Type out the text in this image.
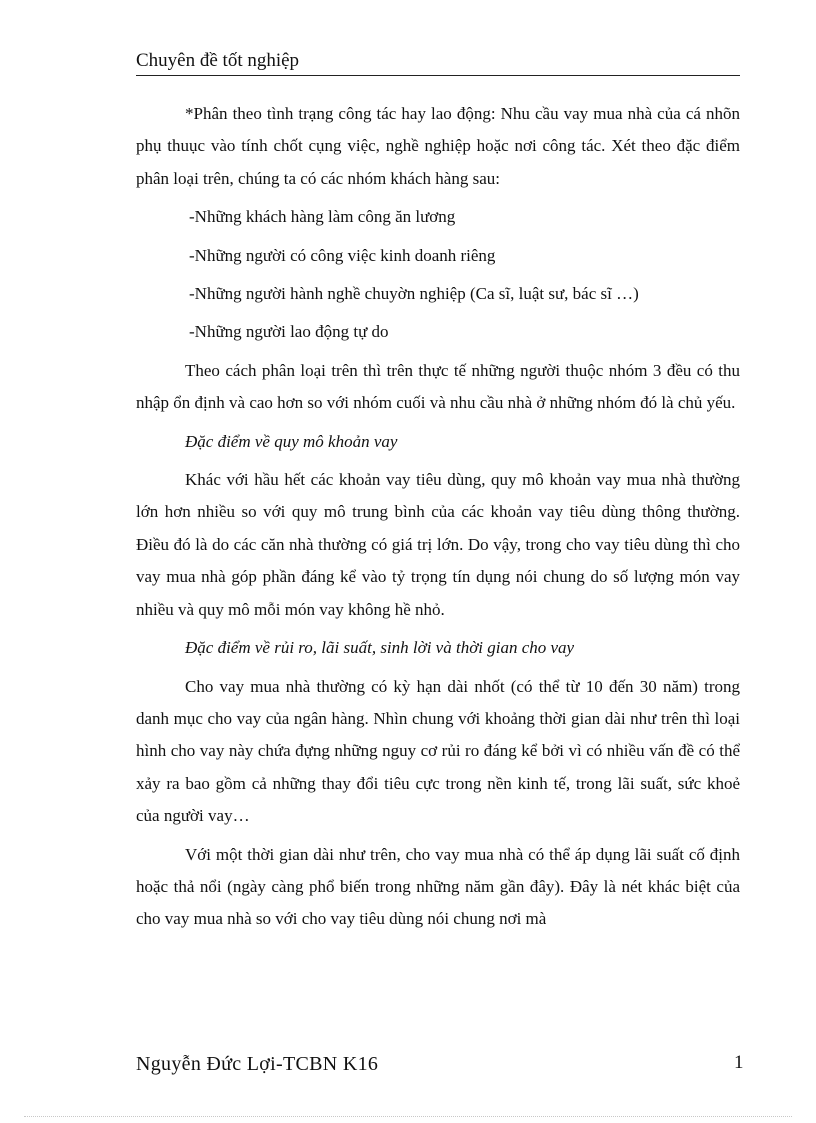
Chuyên đề tốt nghiệp

*Phân theo tình trạng công tác hay lao động: Nhu cầu vay mua nhà của cá nhõn phụ thuục vào tính chốt cụng việc, nghề nghiệp hoặc nơi công tác. Xét theo đặc điểm phân loại trên, chúng ta có các nhóm khách hàng sau:

-Những khách hàng làm công ăn lương

-Những người có công việc kinh doanh riêng

-Những người hành nghề chuyờn nghiệp (Ca sĩ, luật sư, bác sĩ …)

-Những người lao động tự do

Theo cách phân loại trên thì trên thực tế những người thuộc nhóm 3 đều có thu nhập ổn định và cao hơn so với nhóm cuối và nhu cầu nhà ở những nhóm đó là chủ yếu.

Đặc điểm về quy mô khoản vay

Khác với hầu hết các khoản vay tiêu dùng, quy mô khoản vay mua nhà thường lớn hơn nhiều so với quy mô trung bình của các khoản vay tiêu dùng thông thường. Điều đó là do các căn nhà thường có giá trị lớn. Do vậy, trong cho vay tiêu dùng thì cho vay mua nhà góp phần đáng kể vào tỷ trọng tín dụng nói chung do số lượng món vay nhiều và quy mô mỗi món vay không hề nhỏ.

Đặc điểm về rủi ro, lãi suất, sinh lời và thời gian cho vay

Cho vay mua nhà thường có kỳ hạn dài nhốt (có thể từ 10 đến 30 năm) trong danh mục cho vay của ngân hàng. Nhìn chung với khoảng thời gian dài như trên thì loại hình cho vay này chứa đựng những nguy cơ rủi ro đáng kể bởi vì có nhiều vấn đề có thể xảy ra bao gồm cả những thay đổi tiêu cực trong nền kinh tế, trong lãi suất, sức khoẻ của người vay…

Với một thời gian dài như trên, cho vay mua nhà có thể áp dụng lãi suất cố định hoặc thả nổi (ngày càng phổ biến trong những năm gần đây). Đây là nét khác biệt của cho vay mua nhà so với cho vay tiêu dùng nói chung nơi mà

Nguyễn Đức Lợi-TCBN K16	1
